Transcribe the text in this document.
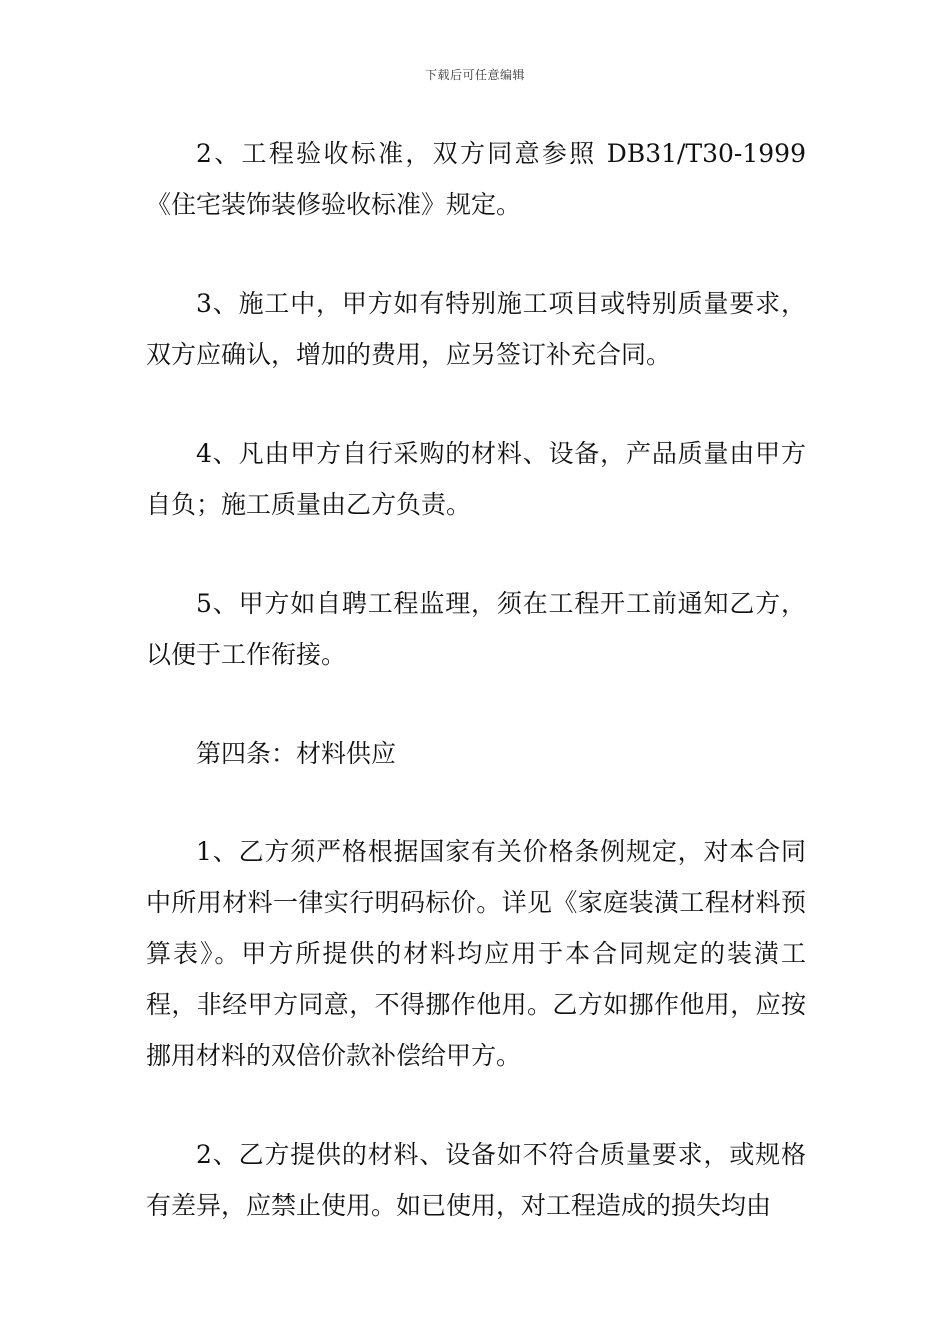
下载后可任意编辑

2、工程验收标准，双方同意参照 DB31/T30-1999《住宅装饰装修验收标准》规定。

3、施工中，甲方如有特别施工项目或特别质量要求，双方应确认，增加的费用，应另签订补充合同。

4、凡由甲方自行采购的材料、设备，产品质量由甲方自负；施工质量由乙方负责。

5、甲方如自聘工程监理，须在工程开工前通知乙方，以便于工作衔接。

第四条：材料供应

1、乙方须严格根据国家有关价格条例规定，对本合同中所用材料一律实行明码标价。详见《家庭装潢工程材料预算表》。甲方所提供的材料均应用于本合同规定的装潢工程，非经甲方同意，不得挪作他用。乙方如挪作他用，应按挪用材料的双倍价款补偿给甲方。

2、乙方提供的材料、设备如不符合质量要求，或规格有差异，应禁止使用。如已使用，对工程造成的损失均由
